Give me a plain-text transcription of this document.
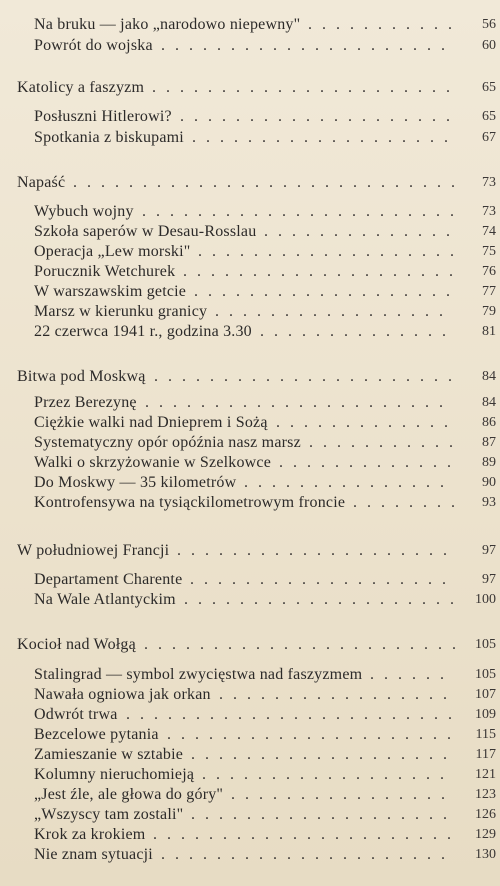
Na bruku — jako „narodowo niepewny" ...........	56
Powrót do wojska .....................	60
Katolicy a faszyzm ......................	65
Posłuszni Hitlerowi? ....................	65
Spotkania z biskupami ...................	67
Napaść ............................	73
Wybuch wojny .......................	73
Szkoła saperów w Desau-Rosslau ..............	74
Operacja „Lew morski" ...................	75
Porucznik Wetchurek ....................	76
W warszawskim getcie ...................	77
Marsz w kierunku granicy .................	79
22 czerwca 1941 r., godzina 3.30 ..............	81
Bitwa pod Moskwą ......................	84
Przez Berezynę ......................	84
Ciężkie walki nad Dnieprem i Sożą .............	86
Systematyczny opór opóźnia nasz marsz ...........	87
Walki o skrzyżowanie w Szelkowce .............	89
Do Moskwy — 35 kilometrów ...............	90
Kontrofensywa na tysiąckilometrowym froncie ........	93
W południowej Francji ....................	97
Departament Charente ...................	97
Na Wale Atlantyckim .................... 100
Kocioł nad Wołgą ....................... 105
Stalingrad — symbol zwycięstwa nad faszyzmem ......	105
Nawała ogniowa jak orkan .................	107
Odwrót trwa ........................ 109
Bezcelowe pytania .....................	115
Zamieszanie w sztabie ...................	117
Kolumny nieruchomieją ..................	121
„Jest źle, ale głowa do góry" ................	123
„Wszyscy tam zostali" ...................	126
Krok za krokiem ......................	129
Nie znam sytuacji .....................	130
